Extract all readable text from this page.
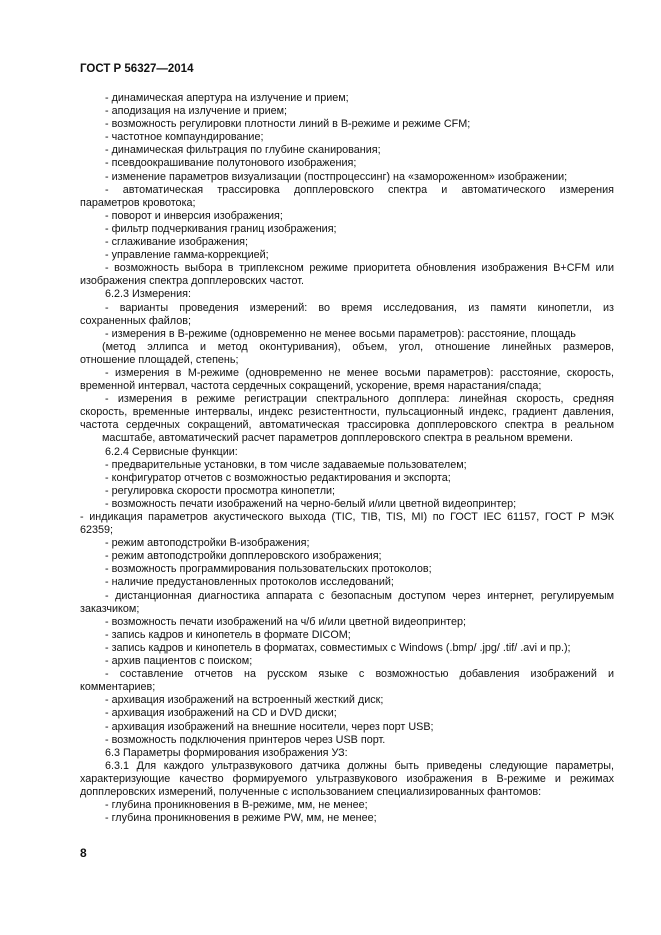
ГОСТ Р 56327—2014
- динамическая апертура на излучение и прием;
- аподизация на излучение и прием;
- возможность регулировки плотности линий в В-режиме и режиме CFM;
- частотное компаундирование;
- динамическая фильтрация по глубине сканирования;
- псевдоокрашивание полутонового изображения;
- изменение параметров визуализации (постпроцессинг) на «замороженном» изображении;
- автоматическая трассировка допплеровского спектра и автоматического измерения
параметров кровотока;
- поворот и инверсия изображения;
- фильтр подчеркивания границ изображения;
- сглаживание изображения;
- управление гамма-коррекцией;
- возможность выбора в триплексном режиме приоритета обновления изображения В+CFM или
изображения спектра допплеровских частот.
6.2.3 Измерения:
- варианты проведения измерений: во время исследования, из памяти кинопетли, из
сохраненных файлов;
- измерения в В-режиме (одновременно не менее восьми параметров): расстояние, площадь
(метод эллипса и метод оконтуривания), объем, угол, отношение линейных размеров,
отношение площадей, степень;
- измерения в М-режиме (одновременно не менее восьми параметров): расстояние, скорость,
временной интервал, частота сердечных сокращений, ускорение, время нарастания/спада;
- измерения в режиме регистрации спектрального допплера: линейная скорость, средняя
скорость, временные интервалы, индекс резистентности, пульсационный индекс, градиент давления,
частота сердечных сокращений, автоматическая трассировка допплеровского спектра в реальном
масштабе, автоматический расчет параметров допплеровского спектра в реальном времени.
6.2.4 Сервисные функции:
- предварительные установки, в том числе задаваемые пользователем;
- конфигуратор отчетов с возможностью редактирования и экспорта;
- регулировка скорости просмотра кинопетли;
- возможность печати изображений на черно-белый и/или цветной видеопринтер;
- индикация параметров акустического выхода (TIC, TIB, TIS, MI) по ГОСТ IEC 61157, ГОСТ Р МЭК
62359;
- режим автоподстройки В-изображения;
- режим автоподстройки допплеровского изображения;
- возможность программирования пользовательских протоколов;
- наличие предустановленных протоколов исследований;
- дистанционная диагностика аппарата с безопасным доступом через интернет, регулируемым
заказчиком;
- возможность печати изображений на ч/б и/или цветной видеопринтер;
- запись кадров и кинопетель в формате DICOM;
- запись кадров и кинопетель в форматах, совместимых с Windows (.bmp/ .jpg/ .tif/ .avi и пр.);
- архив пациентов с поиском;
- составление отчетов на русском языке с возможностью добавления изображений и
комментариев;
- архивация изображений на встроенный жесткий диск;
- архивация изображений на CD и DVD диски;
- архивация изображений на внешние носители, через порт USB;
- возможность подключения принтеров через USB порт.
6.3 Параметры формирования изображения УЗ:
6.3.1 Для каждого ультразвукового датчика должны быть приведены следующие параметры,
характеризующие качество формируемого ультразвукового изображения в В-режиме и режимах
допплеровских измерений, полученные с использованием специализированных фантомов:
- глубина проникновения в В-режиме, мм, не менее;
- глубина проникновения в режиме PW, мм, не менее;
8
